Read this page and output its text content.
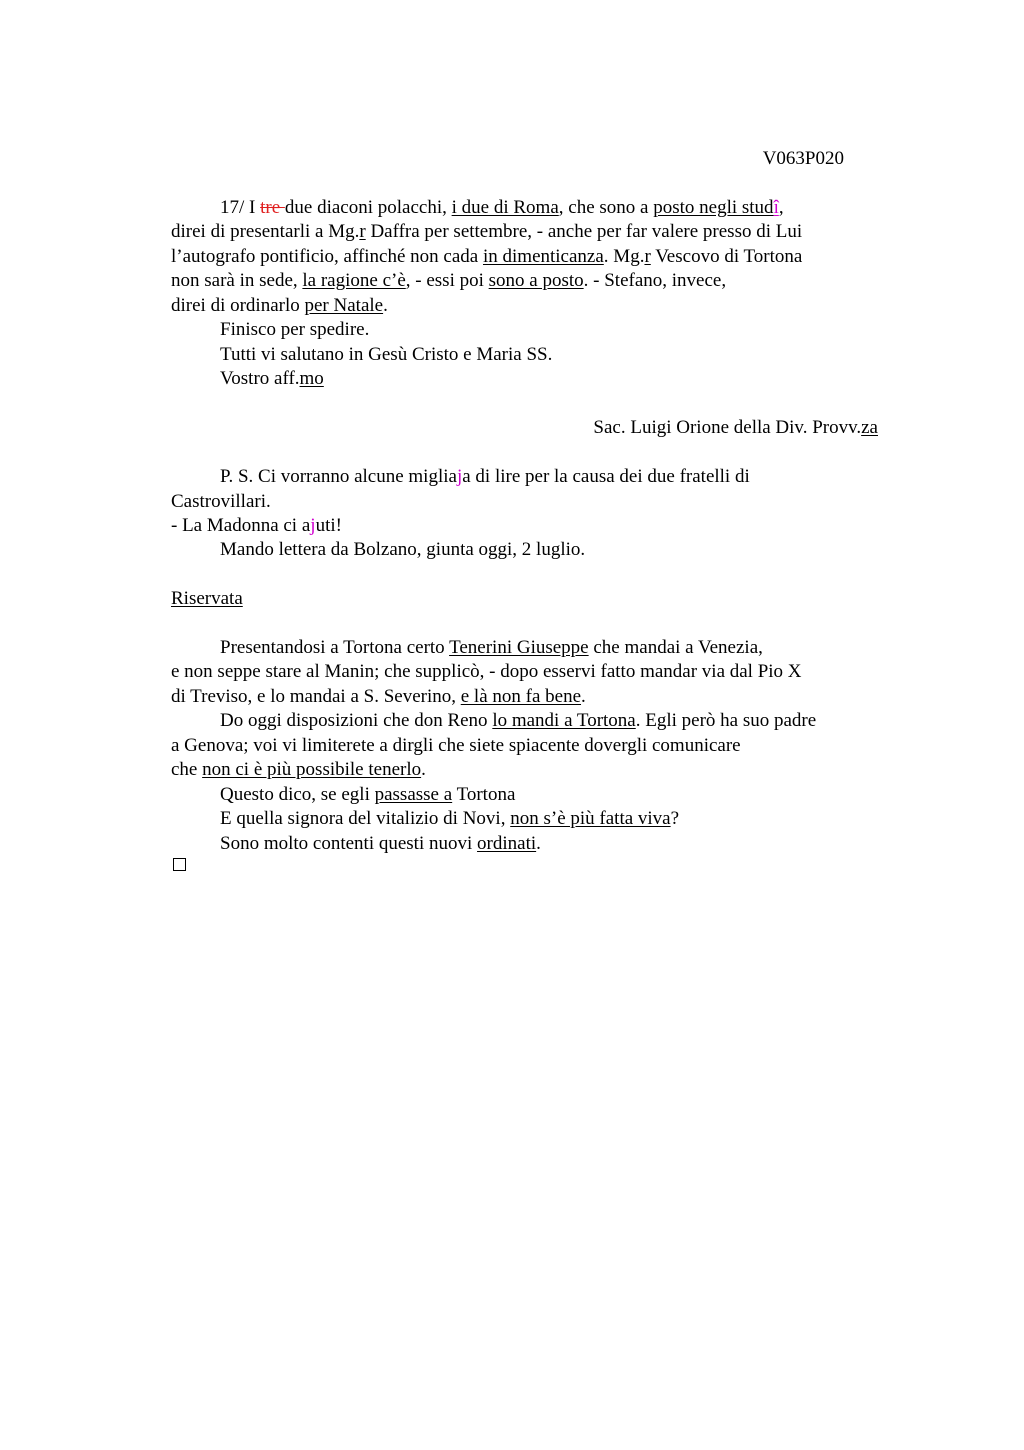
V063P020
17/ I tre due diaconi polacchi, i due di Roma, che sono a posto negli studî,
direi di presentarli a Mg.r Daffra per settembre, - anche per far valere presso di Lui
l’autografo pontificio, affinché non cada in dimenticanza. Mg.r Vescovo di Tortona
non sarà in sede, la ragione c’è, - essi poi sono a posto. - Stefano, invece,
direi di ordinarlo per Natale.
Finisco per spedire.
Tutti vi salutano in Gesù Cristo e Maria SS.
Vostro aff.mo
Sac. Luigi Orione della Div. Provv.za
P. S. Ci vorranno alcune migliaja di lire per la causa dei due fratelli di
Castrovillari.
- La Madonna ci ajuti!
Mando lettera da Bolzano, giunta oggi, 2 luglio.
Riservata
Presentandosi a Tortona certo Tenerini Giuseppe che mandai a Venezia,
e non seppe stare al Manin; che supplicò, - dopo esservi fatto mandar via dal Pio X
di Treviso, e lo mandai a S. Severino, e là non fa bene.
Do oggi disposizioni che don Reno lo mandi a Tortona. Egli però ha suo padre
a Genova; voi vi limiterete a dirgli che siete spiacente dovergli comunicare
che non ci è più possibile tenerlo.
Questo dico, se egli passasse a Tortona
E quella signora del vitalizio di Novi, non s’è più fatta viva?
Sono molto contenti questi nuovi ordinati.
